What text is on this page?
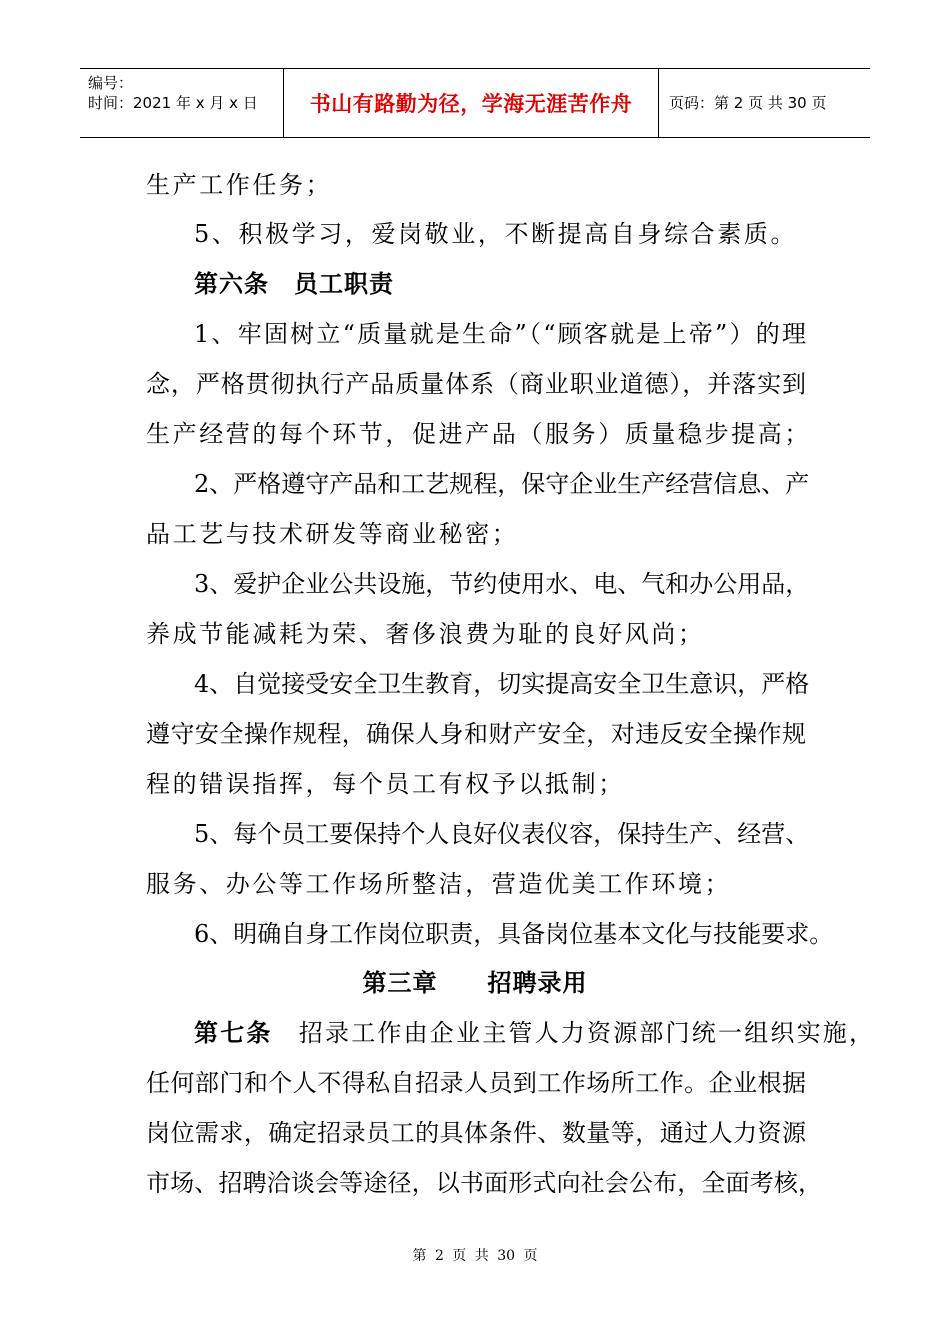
编号：
时间：2021 年 x 月 x 日 书山有路勤为径，学海无涯苦作舟 页码：第 2 页 共 30 页
生产工作任务；
5、积极学习，爱岗敬业，不断提高自身综合素质。
第六条　员工职责
1、牢固树立“质量就是生命”（“顾客就是上帝”）的理
念，严格贯彻执行产品质量体系（商业职业道德），并落实到
生产经营的每个环节，促进产品（服务）质量稳步提高；
2、严格遵守产品和工艺规程，保守企业生产经营信息、产
品工艺与技术研发等商业秘密；
3、爱护企业公共设施，节约使用水、电、气和办公用品，
养成节能减耗为荣、奢侈浪费为耻的良好风尚；
4、自觉接受安全卫生教育，切实提高安全卫生意识，严格
遵守安全操作规程，确保人身和财产安全，对违反安全操作规
程的错误指挥，每个员工有权予以抵制；
5、每个员工要保持个人良好仪表仪容，保持生产、经营、
服务、办公等工作场所整洁，营造优美工作环境；
6、明确自身工作岗位职责，具备岗位基本文化与技能要求。
第三章　　招聘录用
第七条　招录工作由企业主管人力资源部门统一组织实施，
任何部门和个人不得私自招录人员到工作场所工作。企业根据
岗位需求，确定招录员工的具体条件、数量等，通过人力资源
市场、招聘洽谈会等途径，以书面形式向社会公布，全面考核，
第 2 页 共 30 页
